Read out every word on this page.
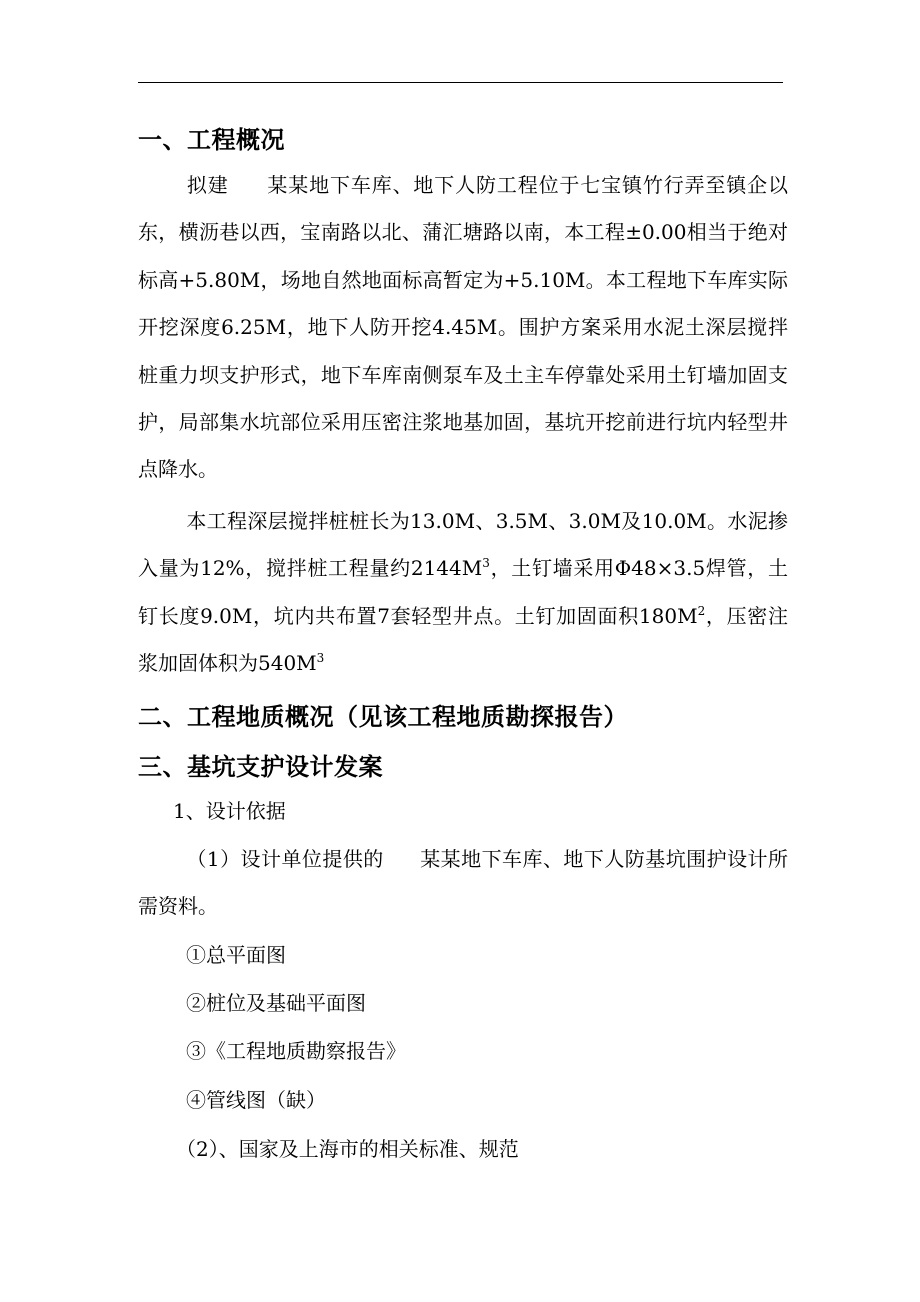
一、工程概况
拟建 某某地下车库、地下人防工程位于七宝镇竹行弄至镇企以东，横沥巷以西，宝南路以北、蒲汇塘路以南，本工程±0.00相当于绝对标高+5.80M，场地自然地面标高暂定为+5.10M。本工程地下车库实际开挖深度6.25M，地下人防开挖4.45M。围护方案采用水泥土深层搅拌桩重力坝支护形式，地下车库南侧泵车及土主车停靠处采用土钉墙加固支护，局部集水坑部位采用压密注浆地基加固，基坑开挖前进行坑内轻型井点降水。
本工程深层搅拌桩桩长为13.0M、3.5M、3.0M及10.0M。水泥掺入量为12%，搅拌桩工程量约$2144M^3$，土钉墙采用Φ48×3.5焊管，土钉长度9.0M，坑内共布置7套轻型井点。土钉加固面积$180M^2$，压密注浆加固体积为$540M^3$
二、工程地质概况（见该工程地质勘探报告）
三、基坑支护设计发案
1、设计依据
（1）设计单位提供的 某某地下车库、地下人防基坑围护设计所需资料。
①总平面图
②桩位及基础平面图
③《工程地质勘察报告》
④管线图（缺）
（2）、国家及上海市的相关标准、规范
